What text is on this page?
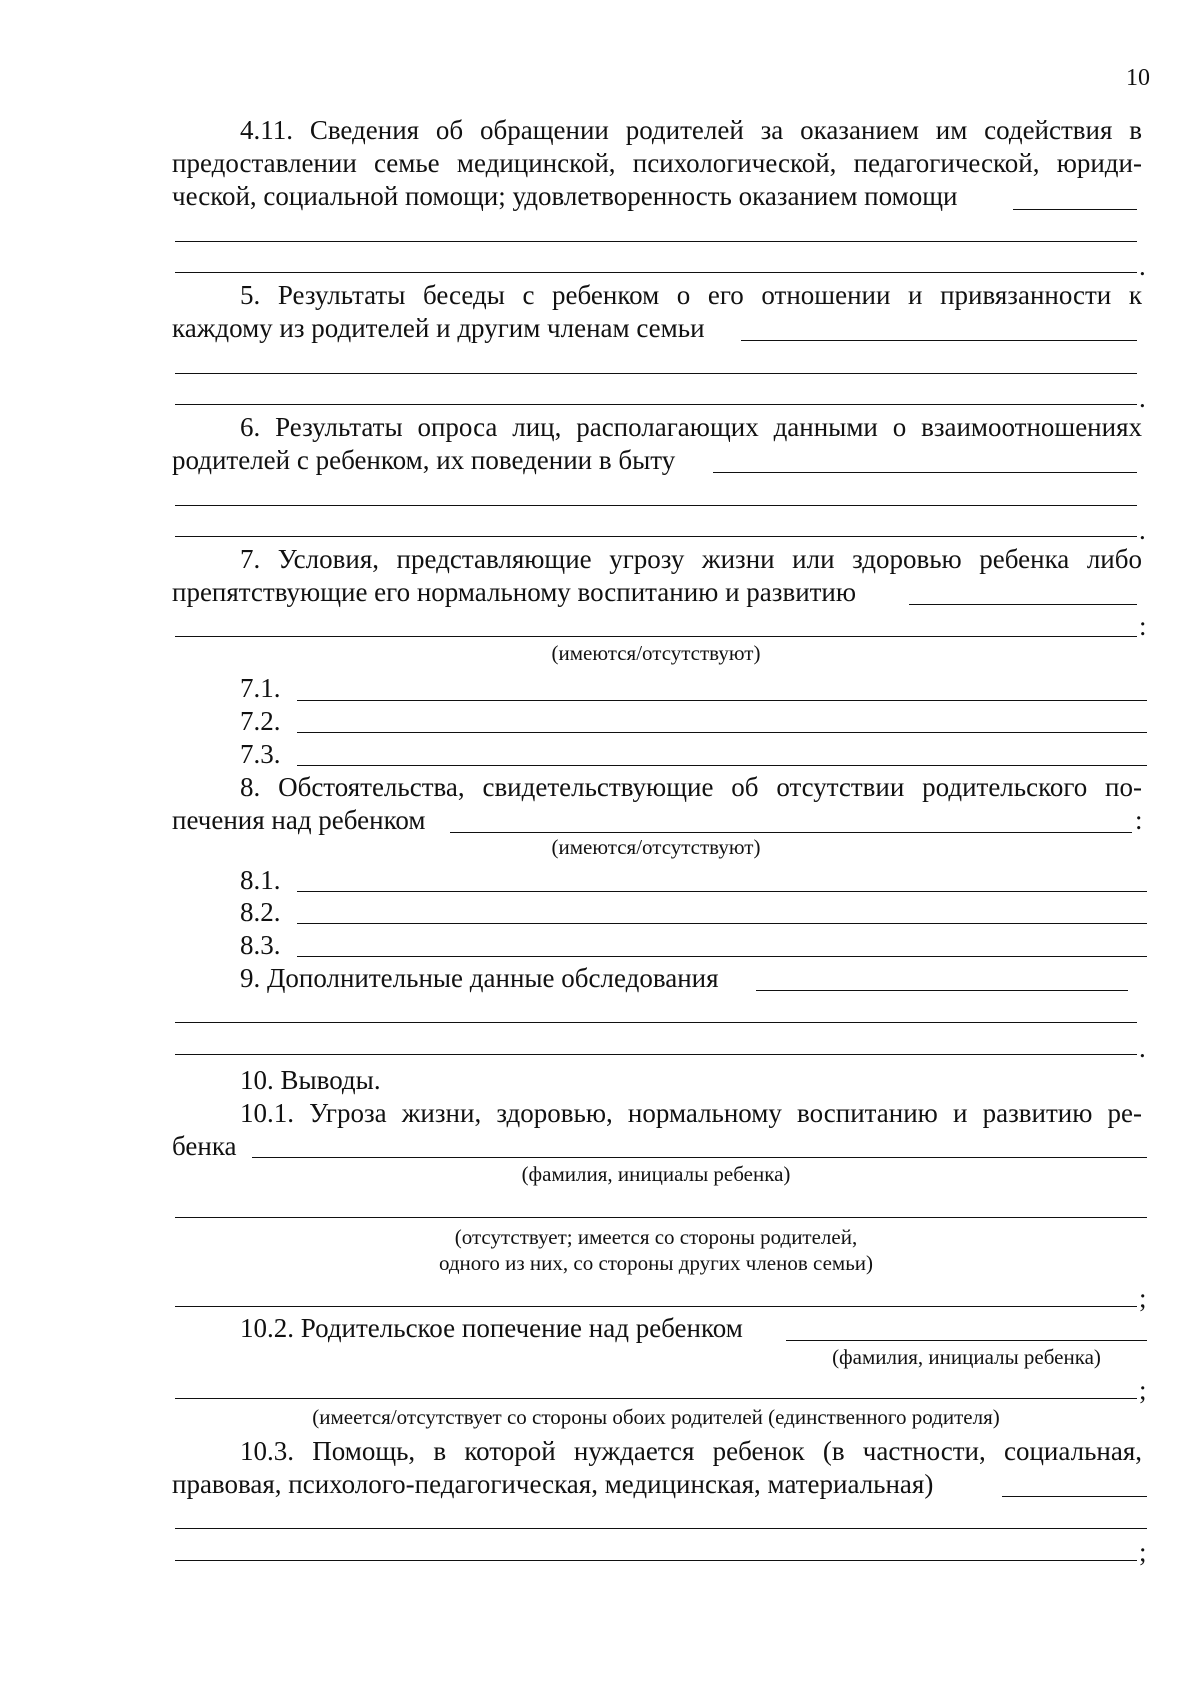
10
4.11. Сведения об обращении родителей за оказанием им содействия в
предоставлении семье медицинской, психологической, педагогической, юриди-
ческой, социальной помощи; удовлетворенность оказанием помощи
.
5. Результаты беседы с ребенком о его отношении и привязанности к
каждому из родителей и другим членам семьи
.
6. Результаты опроса лиц, располагающих данными о взаимоотношениях
родителей с ребенком, их поведении в быту
.
7. Условия, представляющие угрозу жизни или здоровью ребенка либо
препятствующие его нормальному воспитанию и развитию
:
(имеются/отсутствуют)
7.1.
7.2.
7.3.
8. Обстоятельства, свидетельствующие об отсутствии родительского по-
печения над ребенком	:
(имеются/отсутствуют)
8.1.
8.2.
8.3.
9. Дополнительные данные обследования
.
10. Выводы.
10.1. Угроза жизни, здоровью, нормальному воспитанию и развитию ре-
бенка
(фамилия, инициалы ребенка)
(отсутствует; имеется со стороны родителей,
одного из них, со стороны других членов семьи)
;
10.2. Родительское попечение над ребенком
(фамилия, инициалы ребенка)
;
(имеется/отсутствует со стороны обоих родителей (единственного родителя)
10.3. Помощь, в которой нуждается ребенок (в частности, социальная,
правовая, психолого-педагогическая, медицинская, материальная)
;
